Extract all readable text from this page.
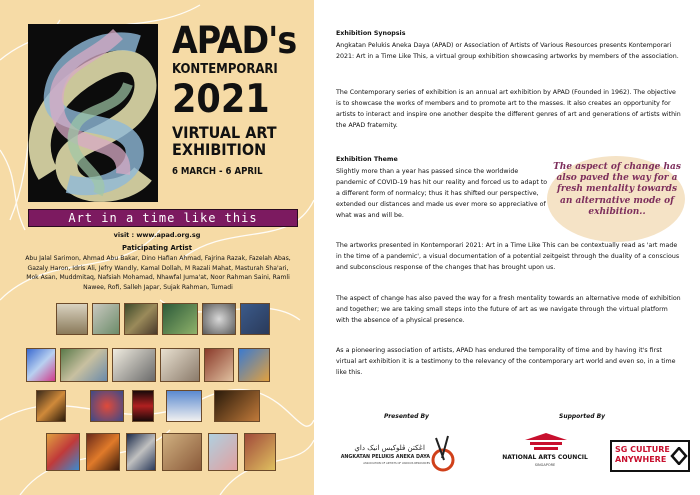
APAD's
KONTEMPORARI
2021
VIRTUAL ART
EXHIBITION
6 MARCH - 6 APRIL
Art in a time like this
visit : www.apad.org.sg
Paticipating Artist
Abu Jalal Sarimon, Ahmad Abu Bakar, Dino Hafian Ahmad, Fajrina Razak, Fazelah Abas, Gazaly Haron, Idris Ali, Jefry Wandly, Kamal Dollah, M Razali Mahat, Masturah Sha'ari, Mok Asan, Muddmitaq, Nafsiah Mohamad, Nhawfal Juma'at, Noor Rahman Saini, Ramli Nawee, Rofi, Salleh Japar, Sujak Rahman, Tumadi
Exhibition Synopsis
Angkatan Pelukis Aneka Daya (APAD) or Association of Artists of Various Resources presents Kontemporari 2021: Art in a Time Like This, a virtual group exhibition showcasing artworks by members of the association.
The Contemporary series of exhibition is an annual art exhibition by APAD (Founded in 1962). The objective is to showcase the works of members and to promote art to the masses. It also creates an opportunity for artists to interact and inspire one another despite the different genres of art and generations of artists within the APAD fraternity.
Exhibition Theme
Slightly more than a year has passed since the worldwide pandemic of COVID-19 has hit our reality and forced us to adapt to a different form of normalcy; thus it has shifted our perspective, extended our distances and made us ever more so appreciative of what was and will be.
The aspect of change has also paved the way for a fresh mentality towards an alternative mode of exhibition..
The artworks presented in Kontemporari 2021: Art in a Time Like This can be contextually read as 'art made in the time of a pandemic', a visual documentation of a potential zeitgeist through the duality of a conscious and subconscious response of the changes that has brought upon us.
The aspect of change has also paved the way for a fresh mentality towards an alternative mode of exhibition and together; we are taking small steps into the future of art as we navigate through the virtual platform with the absence of a physical presence.
As a pioneering association of artists, APAD has endured the temporality of time and by having it's first virtual art exhibition it is a testimony to the relevancy of the contemporary art world and even so, in a time like this.
Presented By	Supported By
اڠكتن ڤلوکيس انيک داي
ANGKATAN PELUKIS ANEKA DAYA
ASSOCIATION OF ARTISTS OF VARIOUS RESOURCES
NATIONAL ARTS COUNCIL
SINGAPORE
SG CULTURE
ANYWHERE
